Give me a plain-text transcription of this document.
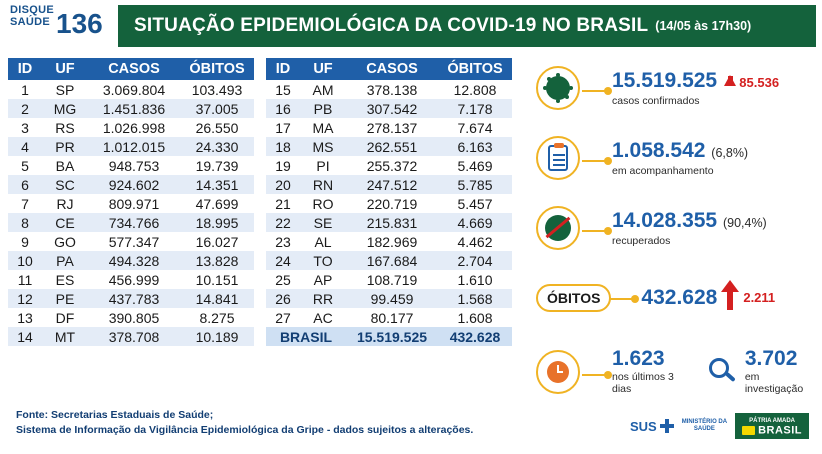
DISQUE
SAÚDE 136 SITUAÇÃO EPIDEMIOLÓGICA DA COVID-19 NO BRASIL (14/05 às 17h30)
ID	UF	CASOS	ÓBITOS
1	SP	3.069.804	103.493
2	MG	1.451.836	37.005
3	RS	1.026.998	26.550
4	PR	1.012.015	24.330
5	BA	948.753	19.739
6	SC	924.602	14.351
7	RJ	809.971	47.699
8	CE	734.766	18.995
9	GO	577.347	16.027
10	PA	494.328	13.828
11	ES	456.999	10.151
12	PE	437.783	14.841
13	DF	390.805	8.275
14	MT	378.708	10.189
ID	UF	CASOS	ÓBITOS
15	AM	378.138	12.808
16	PB	307.542	7.178
17	MA	278.137	7.674
18	MS	262.551	6.163
19	PI	255.372	5.469
20	RN	247.512	5.785
21	RO	220.719	5.457
22	SE	215.831	4.669
23	AL	182.969	4.462
24	TO	167.684	2.704
25	AP	108.719	1.610
26	RR	99.459	1.568
27	AC	80.177	1.608
BRASIL		15.519.525	432.628
15.519.525 85.536
casos confirmados
1.058.542 (6,8%)
em acompanhamento
14.028.355 (90,4%)
recuperados
ÓBITOS	432.628 2.211
1.623
nos últimos 3 dias
3.702
em investigação
Fonte: Secretarias Estaduais de Saúde;
Sistema de Informação da Vigilância Epidemiológica da Gripe - dados sujeitos a alterações.	SUS	MINISTÉRIO DA
SAÚDE
PÁTRIA AMADA
BRASIL
